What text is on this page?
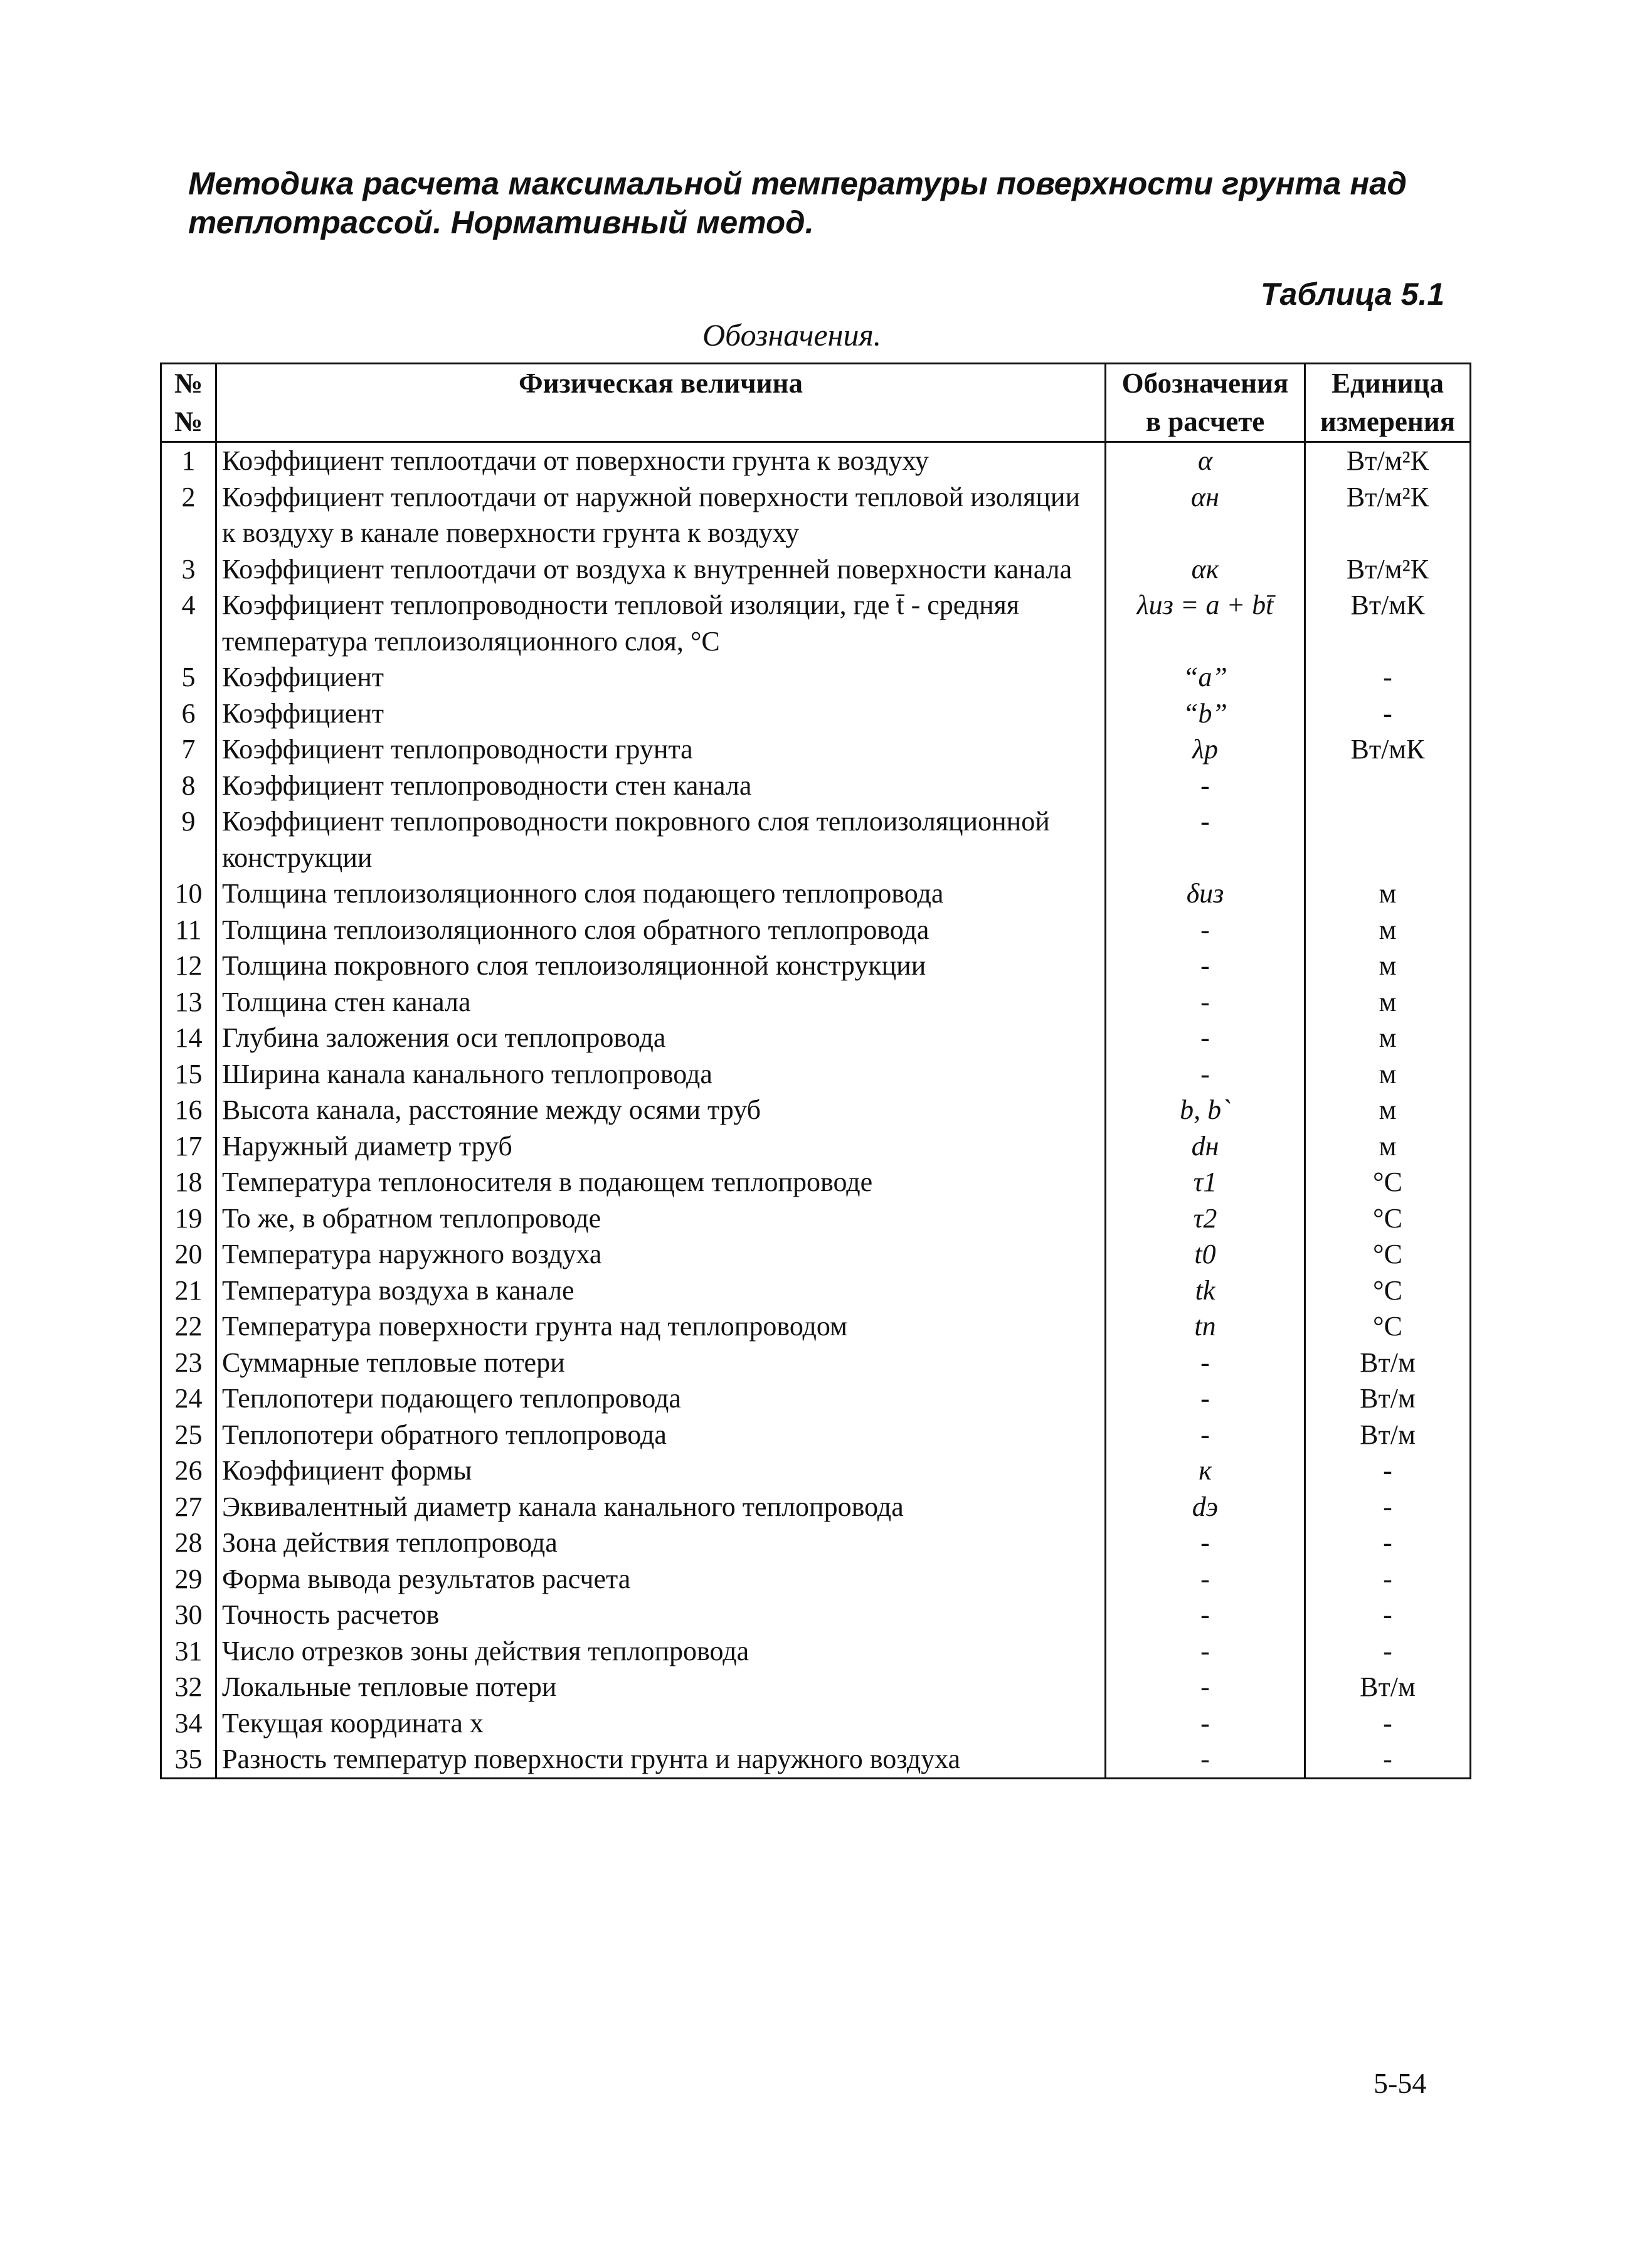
Методика расчета максимальной температуры поверхности грунта над теплотрассой. Нормативный метод.
Таблица 5.1
Обозначения.
№ №	Физическая величина	Обозначения в расчете	Единица измерения
1	Коэффициент теплоотдачи от поверхности грунта к воздуху	α	Вт/м²К
2	Коэффициент теплоотдачи от наружной поверхности тепловой изоляции к воздуху в канале поверхности грунта к воздуху	αн	Вт/м²К
3	Коэффициент теплоотдачи от воздуха к внутренней поверхности канала	αк	Вт/м²К
4	Коэффициент теплопроводности тепловой изоляции, где t̄ - средняя температура теплоизоляционного слоя, °С	λиз = a + bt̄	Вт/мК
5	Коэффициент	“a”	-
6	Коэффициент	“b”	-
7	Коэффициент теплопроводности грунта	λр	Вт/мК
8	Коэффициент теплопроводности стен канала	-	
9	Коэффициент теплопроводности покровного слоя теплоизоляционной конструкции	-	
10	Толщина теплоизоляционного слоя подающего теплопровода	δиз	м
11	Толщина теплоизоляционного слоя обратного теплопровода	-	м
12	Толщина покровного слоя теплоизоляционной конструкции	-	м
13	Толщина стен канала	-	м
14	Глубина заложения оси теплопровода	-	м
15	Ширина канала канального теплопровода	-	м
16	Высота канала, расстояние между осями труб	b, b`	м
17	Наружный диаметр труб	dн	м
18	Температура теплоносителя в подающем теплопроводе	τ1	°С
19	То же, в обратном теплопроводе	τ2	°С
20	Температура наружного воздуха	t0	°С
21	Температура воздуха в канале	tk	°С
22	Температура поверхности грунта над теплопроводом	tn	°С
23	Суммарные тепловые потери	-	Вт/м
24	Теплопотери подающего теплопровода	-	Вт/м
25	Теплопотери обратного теплопровода	-	Вт/м
26	Коэффициент формы	к	-
27	Эквивалентный диаметр канала канального теплопровода	dэ	-
28	Зона действия теплопровода	-	-
29	Форма вывода результатов расчета	-	-
30	Точность расчетов	-	-
31	Число отрезков зоны действия теплопровода	-	-
32	Локальные тепловые потери	-	Вт/м
34	Текущая координата х	-	-
35	Разность температур поверхности грунта и наружного воздуха	-	-
5-54
